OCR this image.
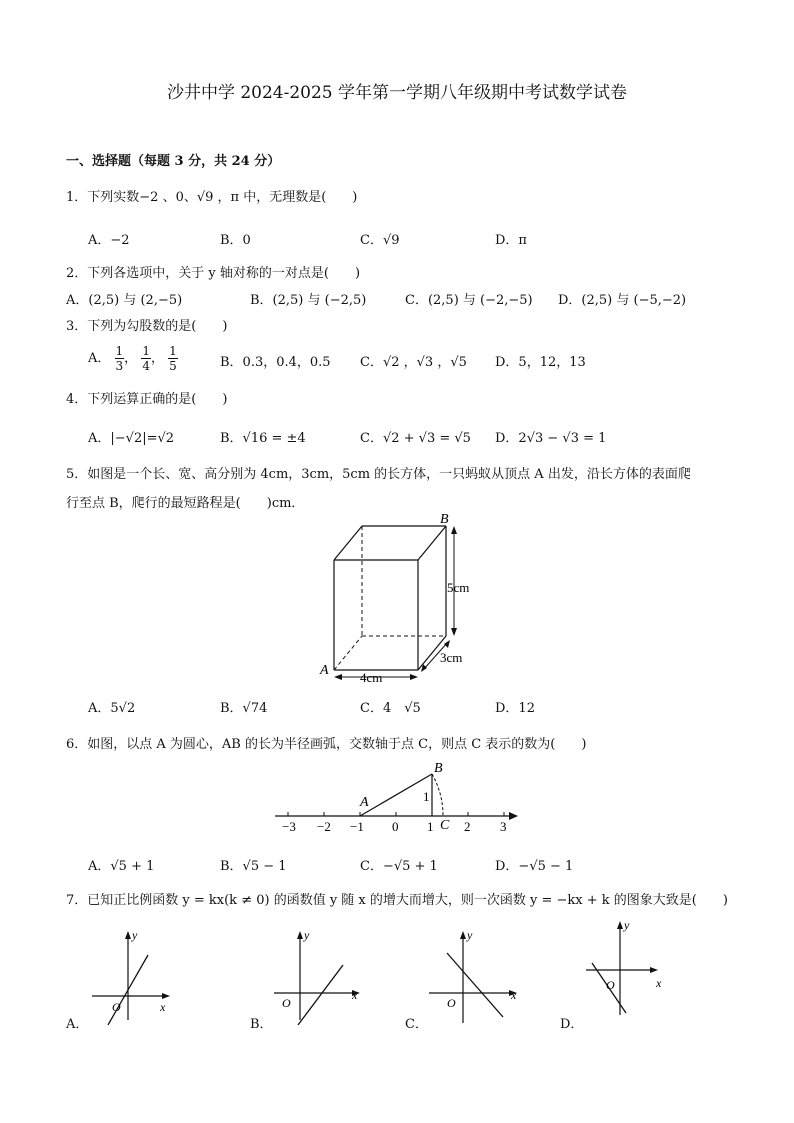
沙井中学 2024-2025 学年第一学期八年级期中考试数学试卷
一、选择题（每题 3 分，共 24 分）
1．下列实数−2 、0、√9 ，π 中，无理数是(　　)
A．−2	B．0	C．√9	D．π
2．下列各选项中，关于 y 轴对称的一对点是(　　)
A．(2,5) 与 (2,−5)	B．(2,5) 与 (−2,5)	C．(2,5) 与 (−2,−5) D．(2,5) 与 (−5,−2)
3．下列为勾股数的是(　　)
A． $\frac{1}{3}$ ， $\frac{1}{4}$ ， $\frac{1}{5}$	B．0.3，0.4，0.5 C．√2 ，√3 ，√5 D．5，12，13
4．下列运算正确的是(　　)
A．|−√2|=√2	B．√16 = ±4	C．√2 + √3 = √5 D．2√3 − √3 = 1
5．如图是一个长、宽、高分别为 4cm，3cm，5cm 的长方体，一只蚂蚁从顶点 A 出发，沿长方体的表面爬
行至点 B，爬行的最短路程是(　　)cm．
A
B
5cm
4cm
3cm
A．5√2	B．√74	C．4　√5	D．12
6．如图，以点 A 为圆心，AB 的长为半径画弧，交数轴于点 C，则点 C 表示的数为(　　)
−3 −2 −1 0 1 2 3
A
B
C
1
A．√5 + 1	B．√5 − 1	C．−√5 + 1	D．−√5 − 1
7．已知正比例函数 y = kx(k ≠ 0) 的函数值 y 随 x 的增大而增大，则一次函数 y = −kx + k 的图象大致是(　　)
y
x
O
A．
y
x
O
B．
y
x
O
C．
y
x
O
D．
